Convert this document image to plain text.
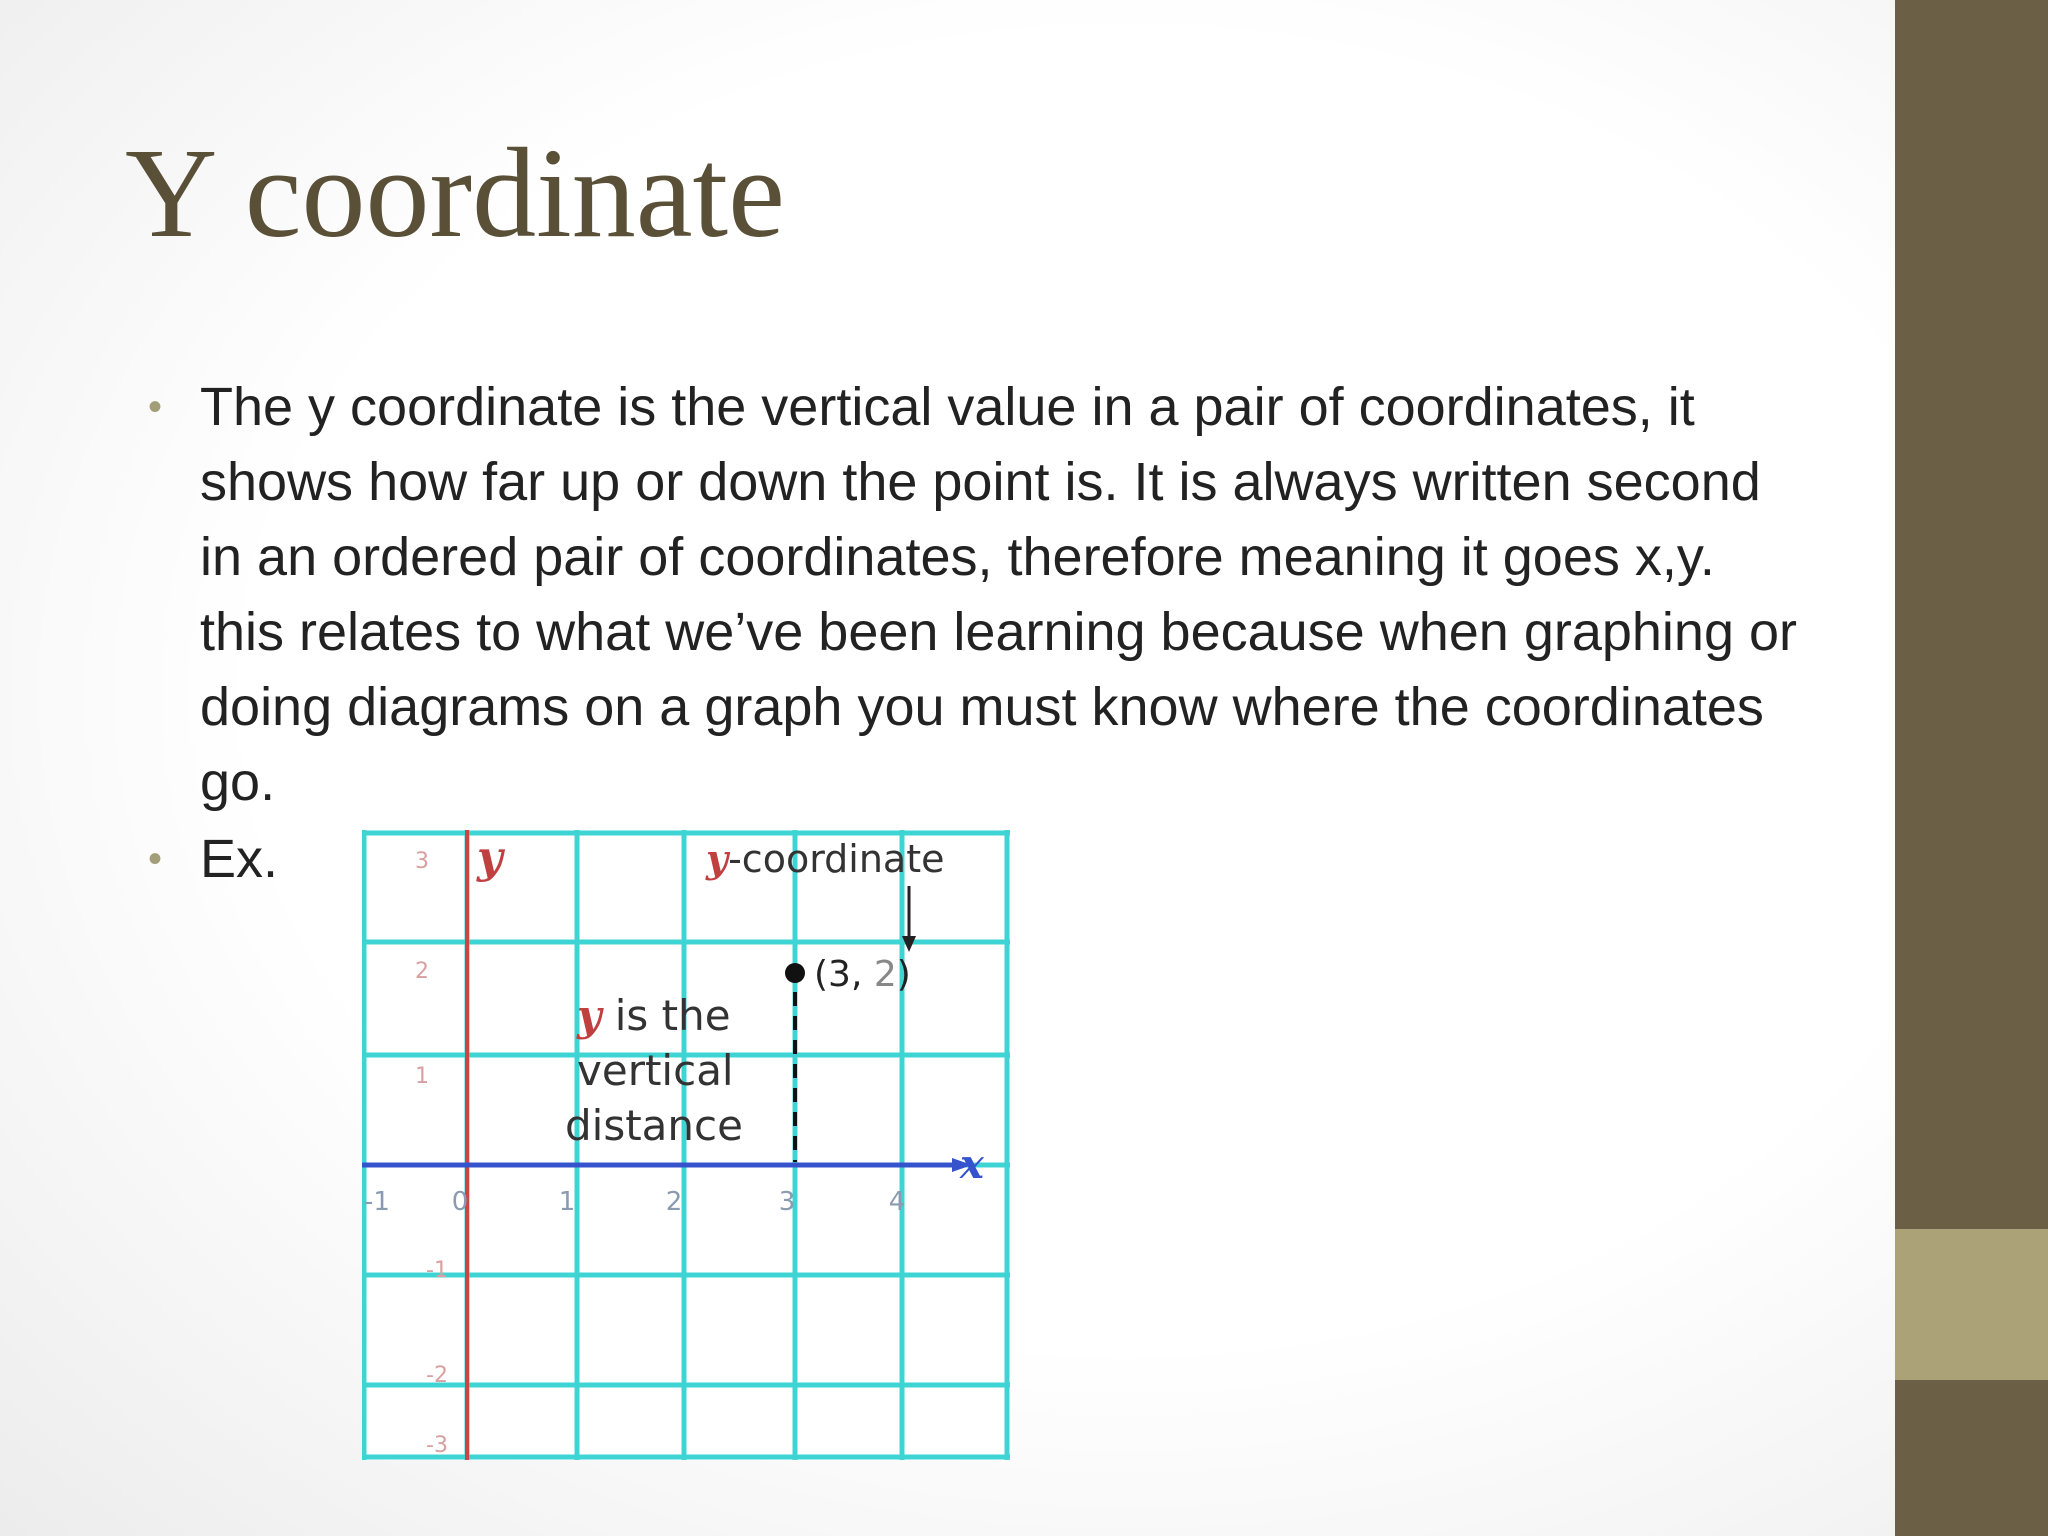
Y coordinate
• The y coordinate is the vertical value in a pair of coordinates, it shows how far up or down the point is. It is always written second in an ordered pair of coordinates, therefore meaning it goes x,y. this relates to what we’ve been learning because when graphing or doing diagrams on a graph you must know where the coordinates go.
• Ex.
-1 0	1	2	3	4
3
2
1
-1
-2
-3
y
x
y-coordinate
(3, 2)
y is the
vertical
distance
